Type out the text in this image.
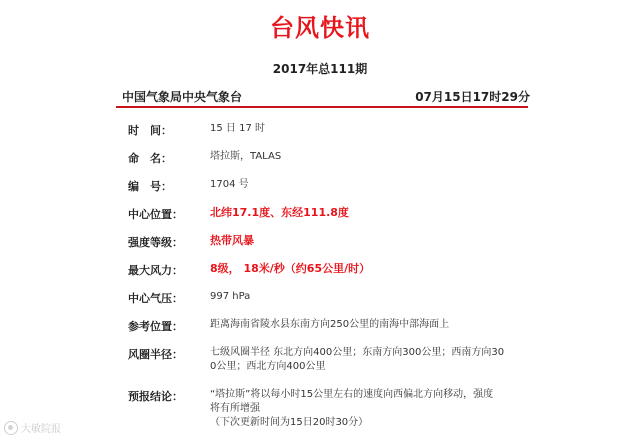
台风快讯
2017年总111期
中国气象局中央气象台	07月15日17时29分
时　间：	15 日 17 时
命　名：	塔拉斯，TALAS
编　号：	1704 号
中心位置：	北纬17.1度、东经111.8度
强度等级：	热带风暴
最大风力：	8级， 18米/秒（约65公里/时）
中心气压：	997 hPa
参考位置：	距离海南省陵水县东南方向250公里的南海中部海面上
风圈半径：	七级风圈半径 东北方向400公里；东南方向300公里；西南方向30
0公里；西北方向400公里
预报结论：	“塔拉斯”将以每小时15公里左右的速度向西偏北方向移动，强度
将有所增强
（下次更新时间为15日20时30分）
大敏院报
